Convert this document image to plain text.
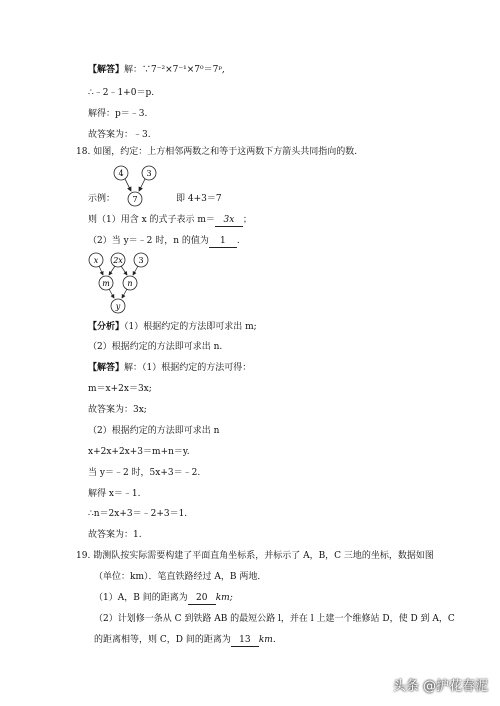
【解答】解：∵7⁻²×7⁻¹×7⁰＝7ᵖ,
∴﹣2﹣1+0＝p.
解得：p＝﹣3.
故答案为：﹣3.
18. 如图，约定：上方相邻两数之和等于这两数下方箭头共同指向的数.
4	3
7
示例：	即 4+3＝7
则（1）用含 x 的式子表示 m＝ 3x ；
（2）当 y＝﹣2 时，n 的值为 1 .
x 2x 3
m n
y
【分析】（1）根据约定的方法即可求出 m;
（2）根据约定的方法即可求出 n.
【解答】解：（1）根据约定的方法可得：
m＝x+2x＝3x;
故答案为：3x;
（2）根据约定的方法即可求出 n
x+2x+2x+3＝m+n＝y.
当 y＝﹣2 时，5x+3＝﹣2.
解得 x＝﹣1.
∴n＝2x+3＝﹣2+3＝1.
故答案为：1.
19. 勘测队按实际需要构建了平面直角坐标系，并标示了 A，B，C 三地的坐标，数据如图
（单位：km）．笔直铁路经过 A，B 两地．
（1）A，B 间的距离为 20 km;
（2）计划修一条从 C 到铁路 AB 的最短公路 l，并在 l 上建一个维修站 D，使 D 到 A，C
的距离相等，则 C，D 间的距离为 13 km.
头条 @护花春泥
